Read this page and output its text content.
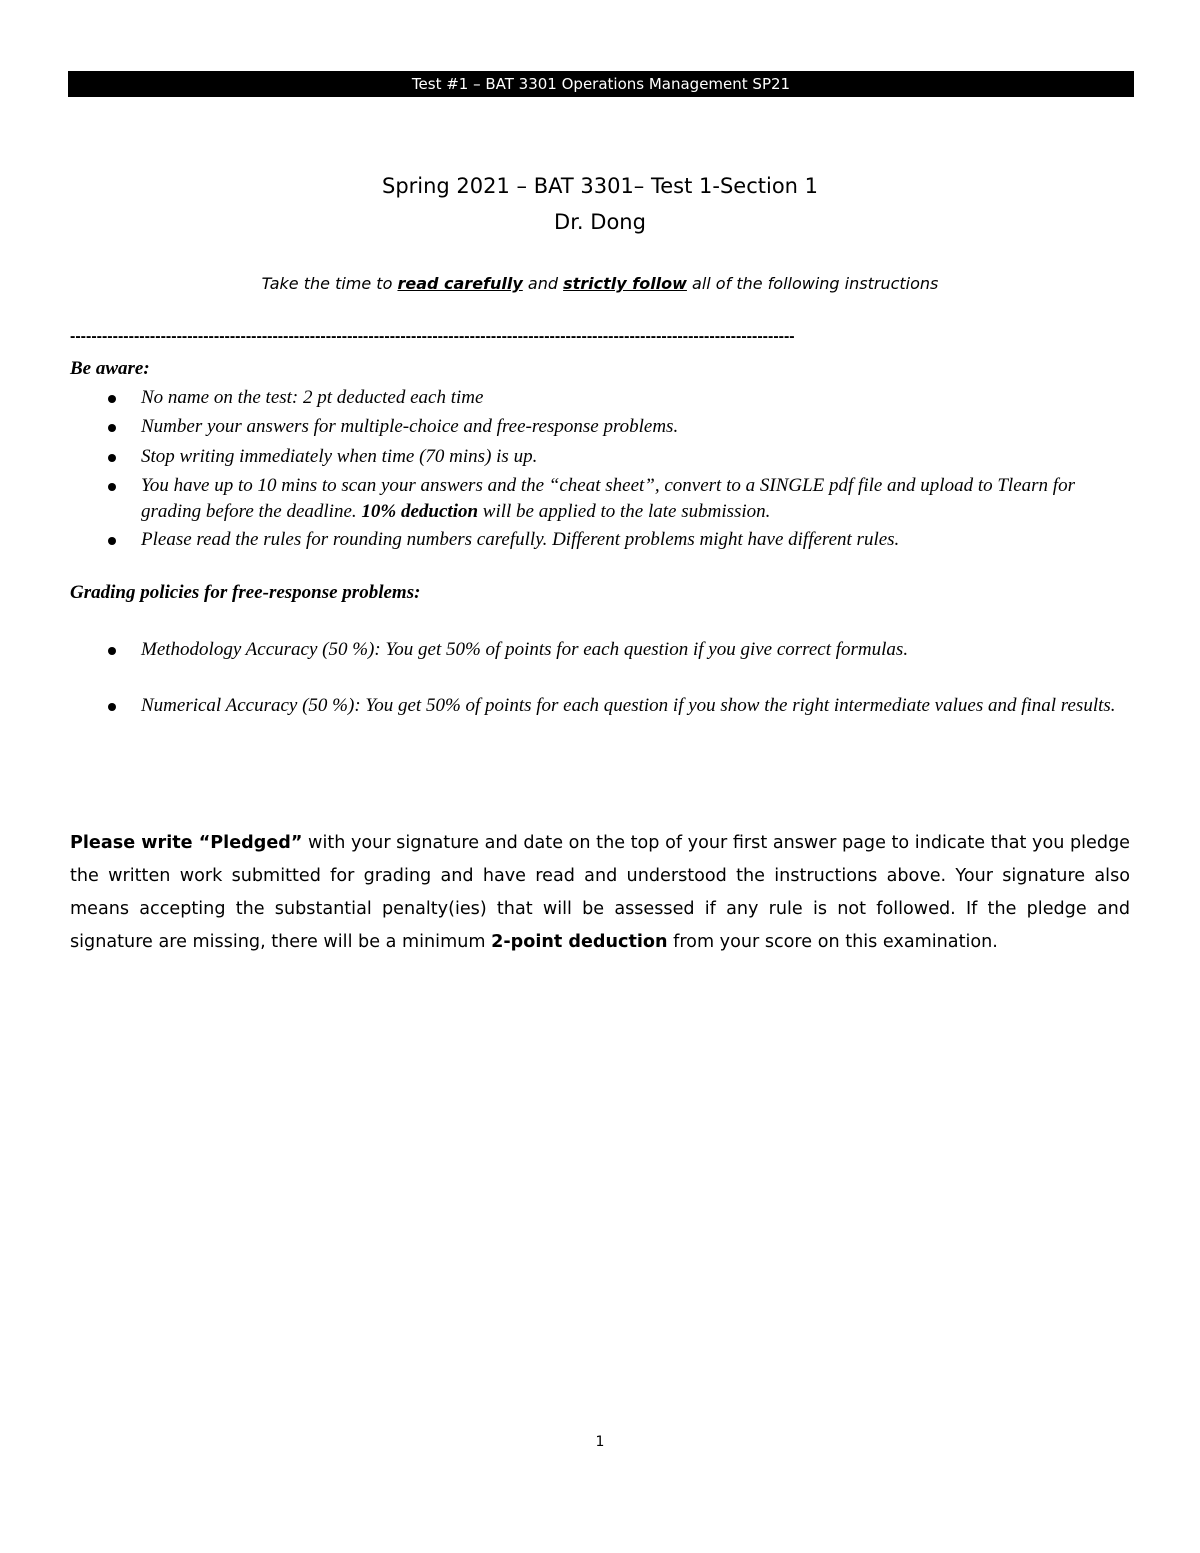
Test #1 – BAT 3301 Operations Management SP21
Spring 2021 – BAT 3301– Test 1-Section 1
Dr. Dong
Take the time to read carefully and strictly follow all of the following instructions
----------------------------------------------------------------------------------------------------------------------------------------
Be aware:
No name on the test: 2 pt deducted each time
Number your answers for multiple-choice and free-response problems.
Stop writing immediately when time (70 mins) is up.
You have up to 10 mins to scan your answers and the “cheat sheet”, convert to a SINGLE pdf file and upload to Tlearn for grading before the deadline. 10% deduction will be applied to the late submission.
Please read the rules for rounding numbers carefully. Different problems might have different rules.
Grading policies for free-response problems:
Methodology Accuracy (50 %): You get 50% of points for each question if you give correct formulas.
Numerical Accuracy (50 %): You get 50% of points for each question if you show the right intermediate values and final results.
Please write “Pledged” with your signature and date on the top of your first answer page to indicate that you pledge the written work submitted for grading and have read and understood the instructions above. Your signature also means accepting the substantial penalty(ies) that will be assessed if any rule is not followed. If the pledge and signature are missing, there will be a minimum 2-point deduction from your score on this examination.
1
